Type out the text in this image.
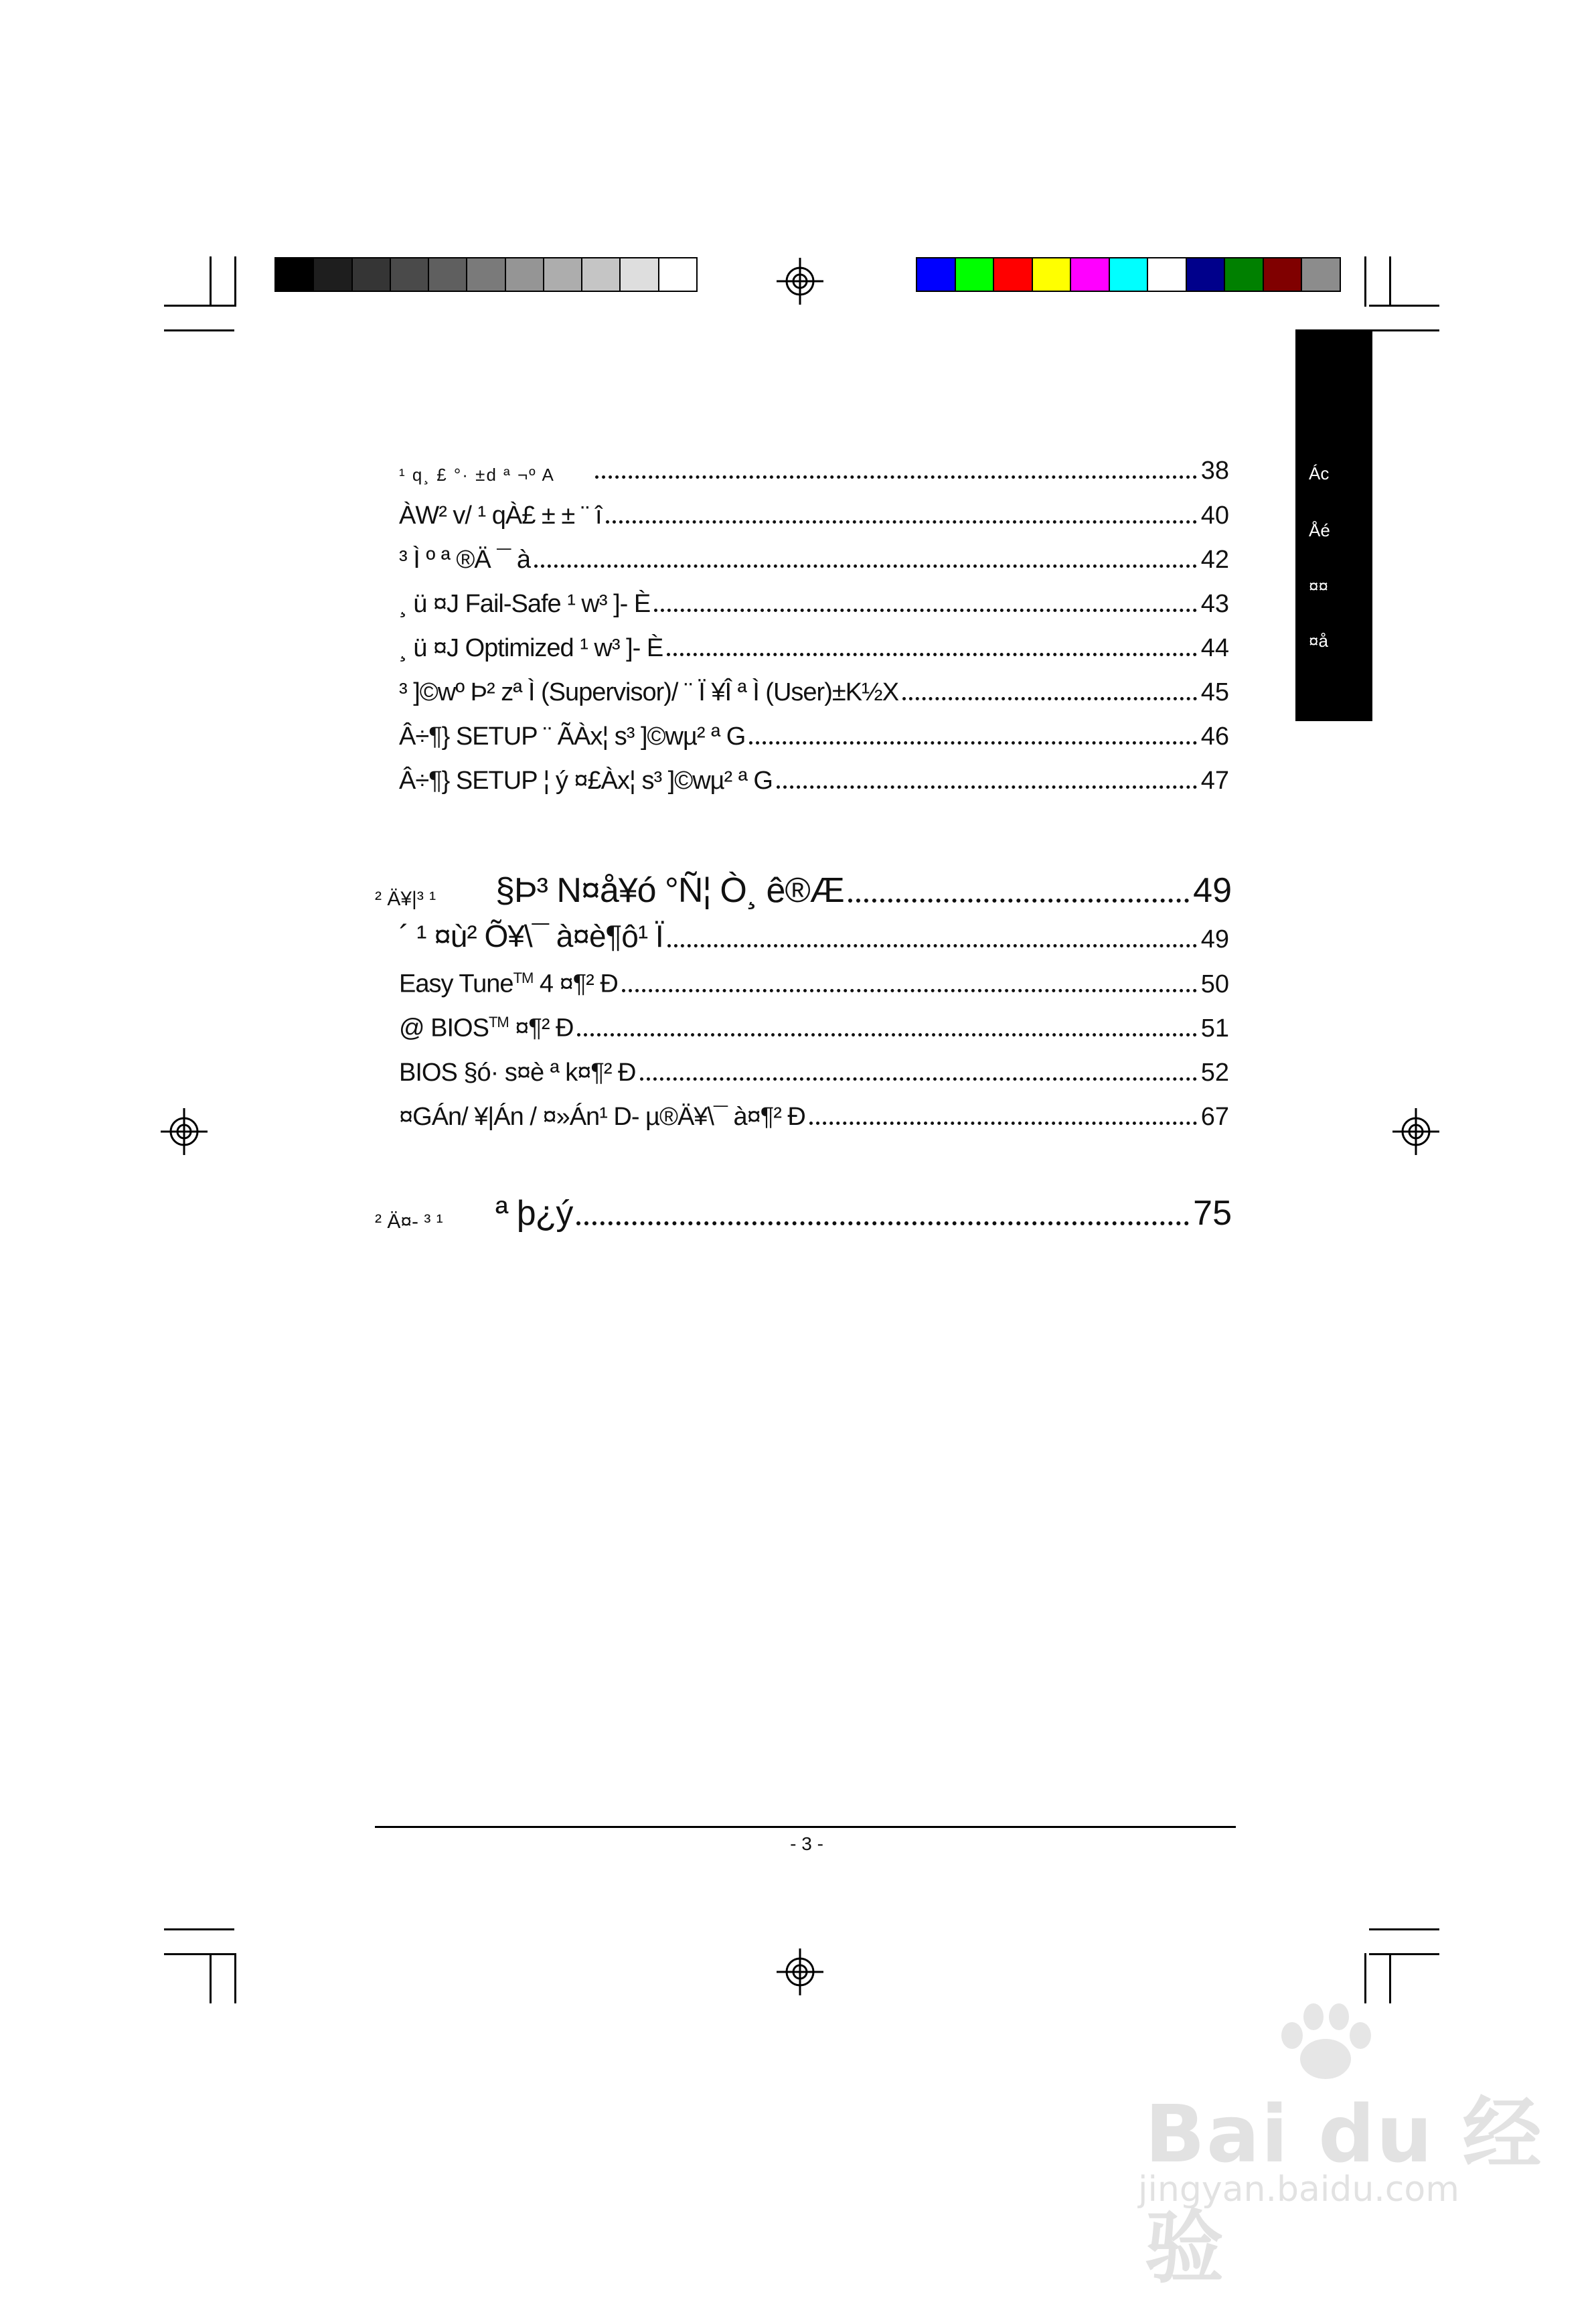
Ác
Åé
¤¤
¤å
¹ q¸ £ °· ±d ª ¬º A	38
ÀW² v/ ¹ qÀ£ ± ± ¨ î	40
³ Ì º ª ®Ä ¯ à	42
¸ ü ¤J Fail-Safe ¹ w³ ]- È	43
¸ ü ¤J Optimized ¹ w³ ]- È	44
³ ]©wº Þ² zª Ì (Supervisor)/ ¨ Ï ¥Î ª Ì (User)±K½X	45
Â÷¶} SETUP ¨ ÃÀx¦ s³ ]©wµ² ª G	46
Â÷¶} SETUP ¦ ý ¤£Àx¦ s³ ]©wµ² ª G	47
² Ä¥|³ ¹	§Þ³ N¤å¥ó °Ñ¦ Ò¸ ê®Æ	49
´ ¹ ¤ù² Õ¥\¯ à¤è¶ô¹ Ï	49
Easy Tune™ 4 ¤¶² Ð	50
@ BIOS™ ¤¶² Ð	51
BIOS §ó· s¤è ª k¤¶² Ð	52
¤GÁn/ ¥|Án / ¤»Án¹ D- µ®Ä¥\¯ à¤¶² Ð	67
² Ä¤- ³ ¹	ª þ¿ý	75
- 3 -
Bai du 经验
jingyan.baidu.com
